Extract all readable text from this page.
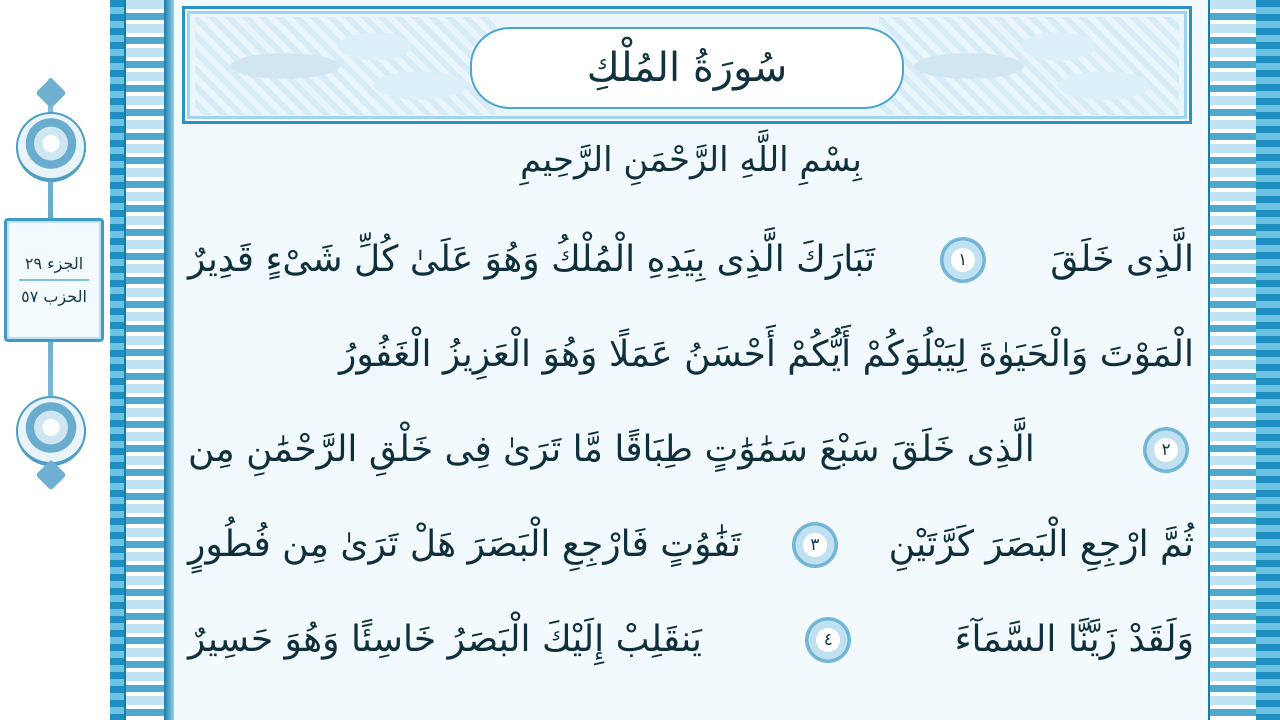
الجزء ٢٩
الحزب ٥٧
سُورَةُ المُلْكِ
بِسْمِ اللَّهِ الرَّحْمَنِ الرَّحِيمِ
الَّذِى خَلَقَ
١
تَبَارَكَ الَّذِى بِيَدِهِ الْمُلْكُ وَهُوَ عَلَىٰ كُلِّ شَىْءٍ قَدِيرٌ
الْمَوْتَ وَالْحَيَوٰةَ لِيَبْلُوَكُمْ أَيُّكُمْ أَحْسَنُ عَمَلًا وَهُوَ الْعَزِيزُ الْغَفُورُ
٢
الَّذِى خَلَقَ سَبْعَ سَمَٰوَٰتٍ طِبَاقًا مَّا تَرَىٰ فِى خَلْقِ الرَّحْمَٰنِ مِن
ثُمَّ ارْجِعِ الْبَصَرَ كَرَّتَيْنِ
٣
تَفَٰوُتٍ فَارْجِعِ الْبَصَرَ هَلْ تَرَىٰ مِن فُطُورٍ
وَلَقَدْ زَيَّنَّا السَّمَآءَ
٤
يَنقَلِبْ إِلَيْكَ الْبَصَرُ خَاسِئًا وَهُوَ حَسِيرٌ
